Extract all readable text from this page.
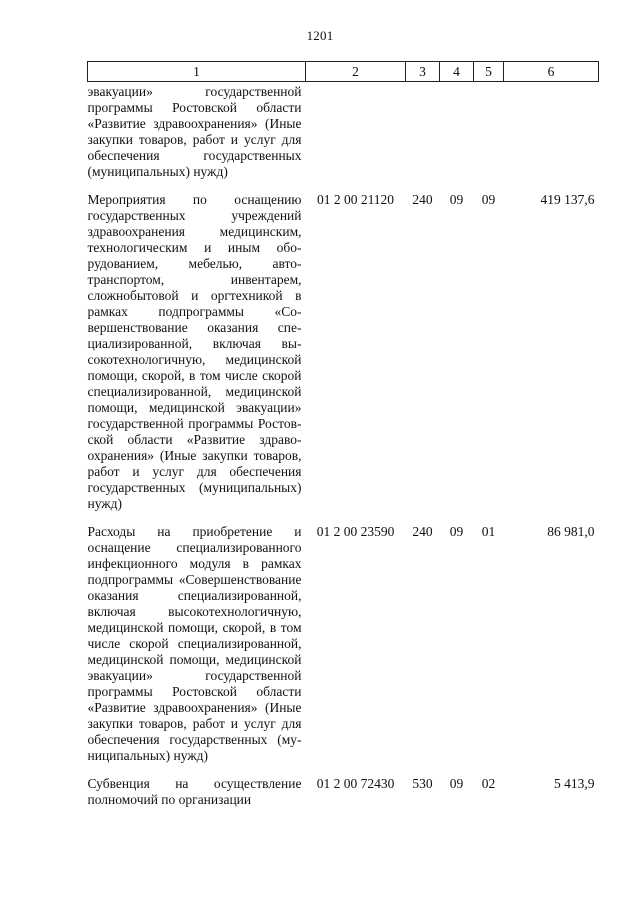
1201
1	2	3	4	5	6
эвакуации» государственной программы Ростовской области «Развитие здравоохранения» (Иные закупки товаров, работ и услуг для обеспечения государственных (муниципальных) нужд)					
Мероприятия по оснащению государственных учреждений здравоохранения медицинским, технологическим и иным оборудованием, мебелью, автотранспортом, инвентарем, сложнобытовой и оргтехникой в рамках подпрограммы «Совершенствование оказания специализированной, включая высокотехнологичную, медицинской помощи, скорой, в том числе скорой специализированной, медицинской помощи, медицинской эвакуации» государственной программы Ростовской области «Развитие здравоохранения» (Иные закупки товаров, работ и услуг для обеспечения государственных (муниципальных) нужд)	01 2 00 21120	240	09	09	419 137,6
Расходы на приобретение и оснащение специализированного инфекционного модуля в рамках подпрограммы «Совершенствование оказания специализированной, включая высокотехнологичную, медицинской помощи, скорой, в том числе скорой специализированной, медицинской помощи, медицинской эвакуации» государственной программы Ростовской области «Развитие здравоохранения» (Иные закупки товаров, работ и услуг для обеспечения государственных (муниципальных) нужд)	01 2 00 23590	240	09	01	86 981,0
Субвенция на осуществление полномочий по организации	01 2 00 72430	530	09	02	5 413,9
